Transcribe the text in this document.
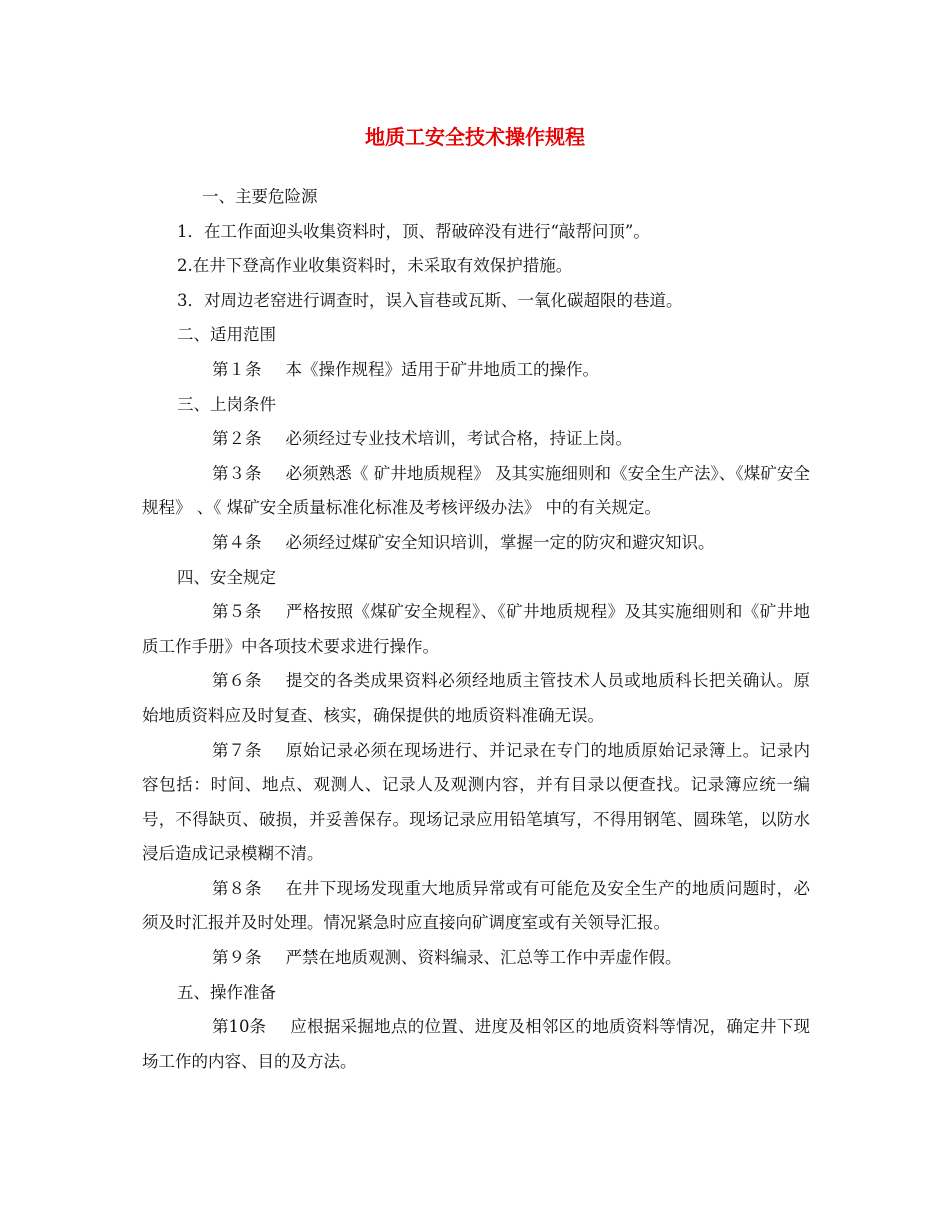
地质工安全技术操作规程

一、主要危险源

1．在工作面迎头收集资料时，顶、帮破碎没有进行“敲帮问顶”。

2.在井下登高作业收集资料时，未采取有效保护措施。

3．对周边老窑进行调查时，误入盲巷或瓦斯、一氧化碳超限的巷道。

二、适用范围

第１条 本《操作规程》适用于矿井地质工的操作。

三、上岗条件

第２条 必须经过专业技术培训，考试合格，持证上岗。

第３条 必须熟悉《 矿井地质规程》 及其实施细则和《安全生产法》、《煤矿安全规程》 、《 煤矿安全质量标准化标准及考核评级办法》 中的有关规定。

第４条 必须经过煤矿安全知识培训，掌握一定的防灾和避灾知识。

四、安全规定

第５条 严格按照《煤矿安全规程》、《矿井地质规程》及其实施细则和《矿井地质工作手册》中各项技术要求进行操作。

第６条 提交的各类成果资料必须经地质主管技术人员或地质科长把关确认。原始地质资料应及时复查、核实，确保提供的地质资料准确无误。

第７条 原始记录必须在现场进行、并记录在专门的地质原始记录簿上。记录内容包括：时间、地点、观测人、记录人及观测内容，并有目录以便查找。记录簿应统一编号，不得缺页、破损，并妥善保存。现场记录应用铅笔填写，不得用钢笔、圆珠笔，以防水浸后造成记录模糊不清。

第８条 在井下现场发现重大地质异常或有可能危及安全生产的地质问题时，必须及时汇报并及时处理。情况紧急时应直接向矿调度室或有关领导汇报。

第９条 严禁在地质观测、资料编录、汇总等工作中弄虚作假。

五、操作准备

第10条 应根据采掘地点的位置、进度及相邻区的地质资料等情况，确定井下现场工作的内容、目的及方法。
